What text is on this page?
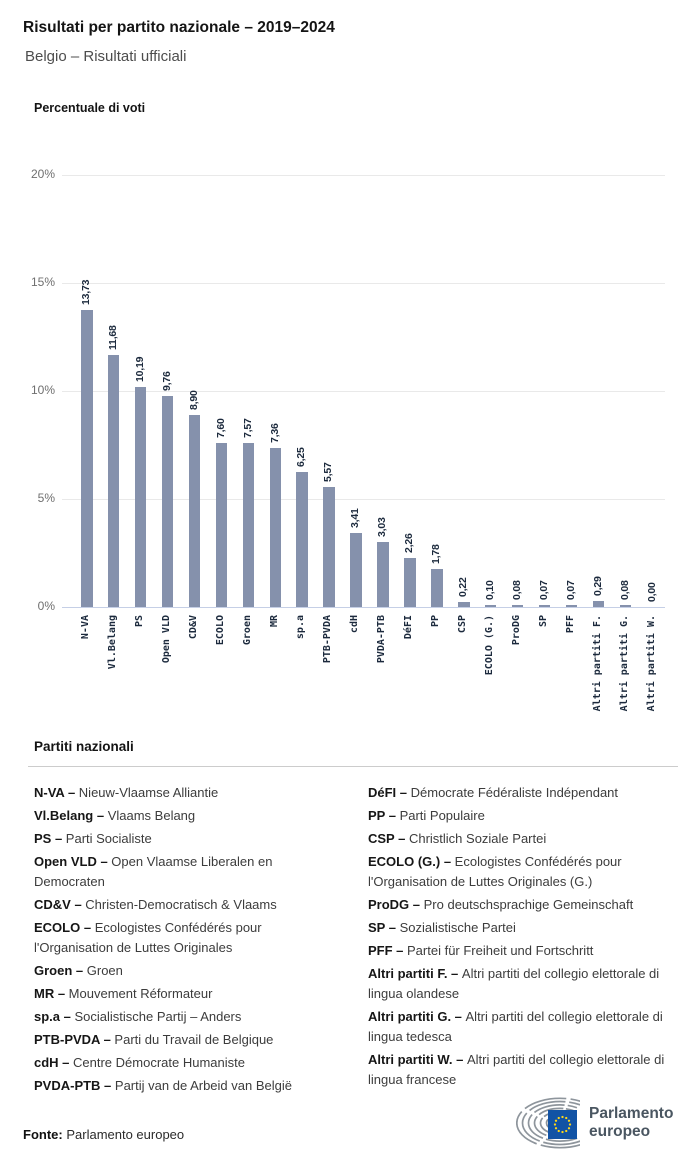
Risultati per partito nazionale – 2019–2024
Belgio – Risultati ufficiali
Percentuale di voti
0%
5%
10%
15%
20%
13,73
N-VA
11,68
Vl.Belang
10,19
PS
9,76
Open VLD
8,90
CD&V
7,60
ECOLO
7,57
Groen
7,36
MR
6,25
sp.a
5,57
PTB-PVDA
3,41
cdH
3,03
PVDA-PTB
2,26
DéFI
1,78
PP
0,22
CSP
0,10
ECOLO (G.)
0,08
ProDG
0,07
SP
0,07
PFF
0,29
Altri partiti F.
0,08
Altri partiti G.
0,00
Altri partiti W.
Partiti nazionali
N-VA – Nieuw-Vlaamse Alliantie
Vl.Belang – Vlaams Belang
PS – Parti Socialiste
Open VLD – Open Vlaamse Liberalen en Democraten
CD&V – Christen-Democratisch & Vlaams
ECOLO – Ecologistes Confédérés pour l'Organisation de Luttes Originales
Groen – Groen
MR – Mouvement Réformateur
sp.a – Socialistische Partij – Anders
PTB-PVDA – Parti du Travail de Belgique
cdH – Centre Démocrate Humaniste
PVDA-PTB – Partij van de Arbeid van België
DéFI – Démocrate Fédéraliste Indépendant
PP – Parti Populaire
CSP – Christlich Soziale Partei
ECOLO (G.) – Ecologistes Confédérés pour l'Organisation de Luttes Originales (G.)
ProDG – Pro deutschsprachige Gemeinschaft
SP – Sozialistische Partei
PFF – Partei für Freiheit und Fortschritt
Altri partiti F. – Altri partiti del collegio elettorale di lingua olandese
Altri partiti G. – Altri partiti del collegio elettorale di lingua tedesca
Altri partiti W. – Altri partiti del collegio elettorale di lingua francese
Fonte: Parlamento europeo
Parlamento
europeo
